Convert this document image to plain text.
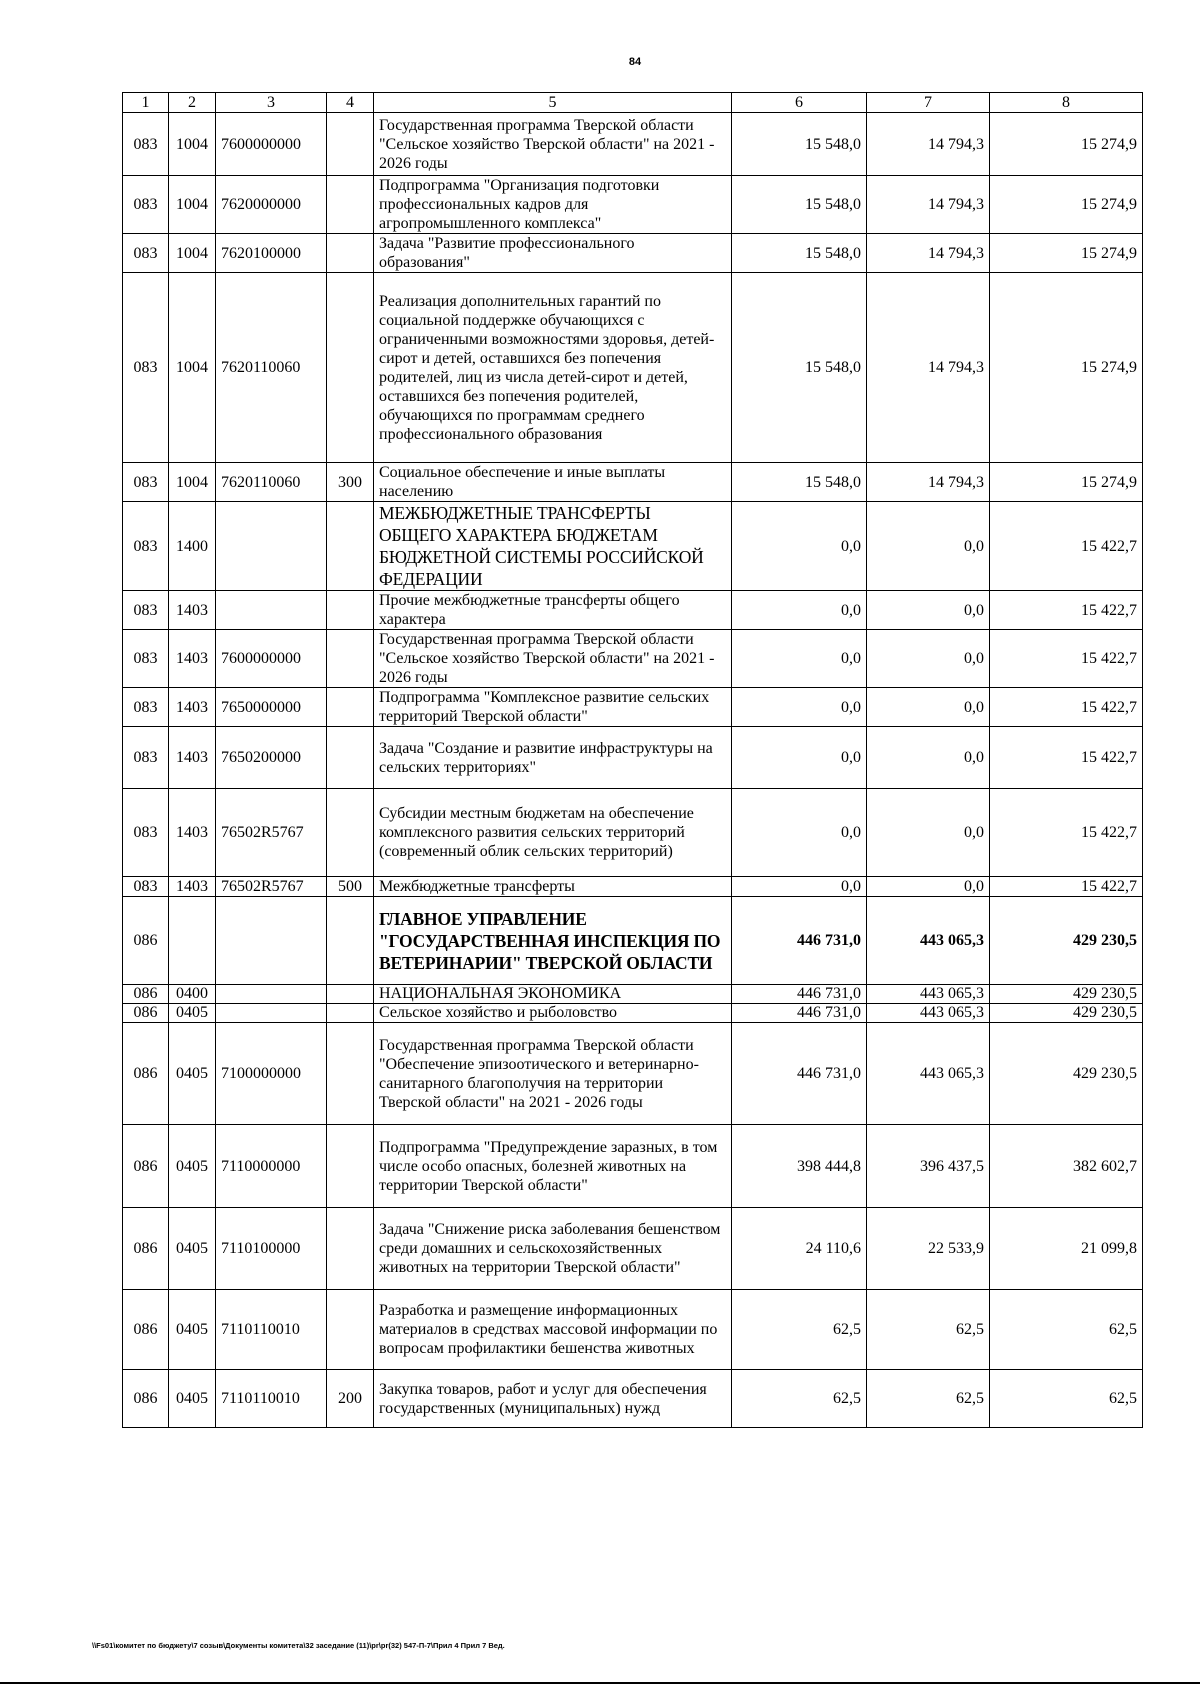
84
1	2	3	4	5	6	7	8
083	1004	7600000000		Государственная программа Тверской области "Сельское хозяйство Тверской области" на 2021 - 2026 годы	15 548,0	14 794,3	15 274,9
083	1004	7620000000		Подпрограмма "Организация подготовки профессиональных кадров для агропромышленного комплекса"	15 548,0	14 794,3	15 274,9
083	1004	7620100000		Задача "Развитие профессионального образования"	15 548,0	14 794,3	15 274,9
083	1004	7620110060		Реализация дополнительных гарантий по социальной поддержке обучающихся с ограниченными возможностями здоровья, детей-сирот и детей, оставшихся без попечения родителей, лиц из числа детей-сирот и детей, оставшихся без попечения родителей, обучающихся по программам среднего профессионального образования	15 548,0	14 794,3	15 274,9
083	1004	7620110060	300	Социальное обеспечение и иные выплаты населению	15 548,0	14 794,3	15 274,9
083	1400			МЕЖБЮДЖЕТНЫЕ ТРАНСФЕРТЫ ОБЩЕГО ХАРАКТЕРА БЮДЖЕТАМ БЮДЖЕТНОЙ СИСТЕМЫ РОССИЙСКОЙ ФЕДЕРАЦИИ	0,0	0,0	15 422,7
083	1403			Прочие межбюджетные трансферты общего характера	0,0	0,0	15 422,7
083	1403	7600000000		Государственная программа Тверской области "Сельское хозяйство Тверской области" на 2021 - 2026 годы	0,0	0,0	15 422,7
083	1403	7650000000		Подпрограмма "Комплексное развитие сельских территорий Тверской области"	0,0	0,0	15 422,7
083	1403	7650200000		Задача "Создание и развитие инфраструктуры на сельских территориях"	0,0	0,0	15 422,7
083	1403	76502R5767		Субсидии местным бюджетам на обеспечение комплексного развития сельских территорий (современный облик сельских территорий)	0,0	0,0	15 422,7
083	1403	76502R5767	500	Межбюджетные трансферты	0,0	0,0	15 422,7
086				ГЛАВНОЕ УПРАВЛЕНИЕ "ГОСУДАРСТВЕННАЯ ИНСПЕКЦИЯ ПО ВЕТЕРИНАРИИ" ТВЕРСКОЙ ОБЛАСТИ	446 731,0	443 065,3	429 230,5
086	0400			НАЦИОНАЛЬНАЯ ЭКОНОМИКА	446 731,0	443 065,3	429 230,5
086	0405			Сельское хозяйство и рыболовство	446 731,0	443 065,3	429 230,5
086	0405	7100000000		Государственная программа Тверской области "Обеспечение эпизоотического и ветеринарно-санитарного благополучия на территории Тверской области" на 2021 - 2026 годы	446 731,0	443 065,3	429 230,5
086	0405	7110000000		Подпрограмма "Предупреждение заразных, в том числе особо опасных, болезней животных на территории Тверской области"	398 444,8	396 437,5	382 602,7
086	0405	7110100000		Задача "Снижение риска заболевания бешенством среди домашних и сельскохозяйственных животных на территории Тверской области"	24 110,6	22 533,9	21 099,8
086	0405	7110110010		Разработка и размещение информационных материалов в средствах массовой информации по вопросам профилактики бешенства животных	62,5	62,5	62,5
086	0405	7110110010	200	Закупка товаров, работ и услуг для обеспечения государственных (муниципальных) нужд	62,5	62,5	62,5
\\Fs01\комитет по бюджету\7 созыв\Документы комитета\32 заседание (11)\pr\pr(32) 547-П-7\Прил 4 Прил 7 Вед.
